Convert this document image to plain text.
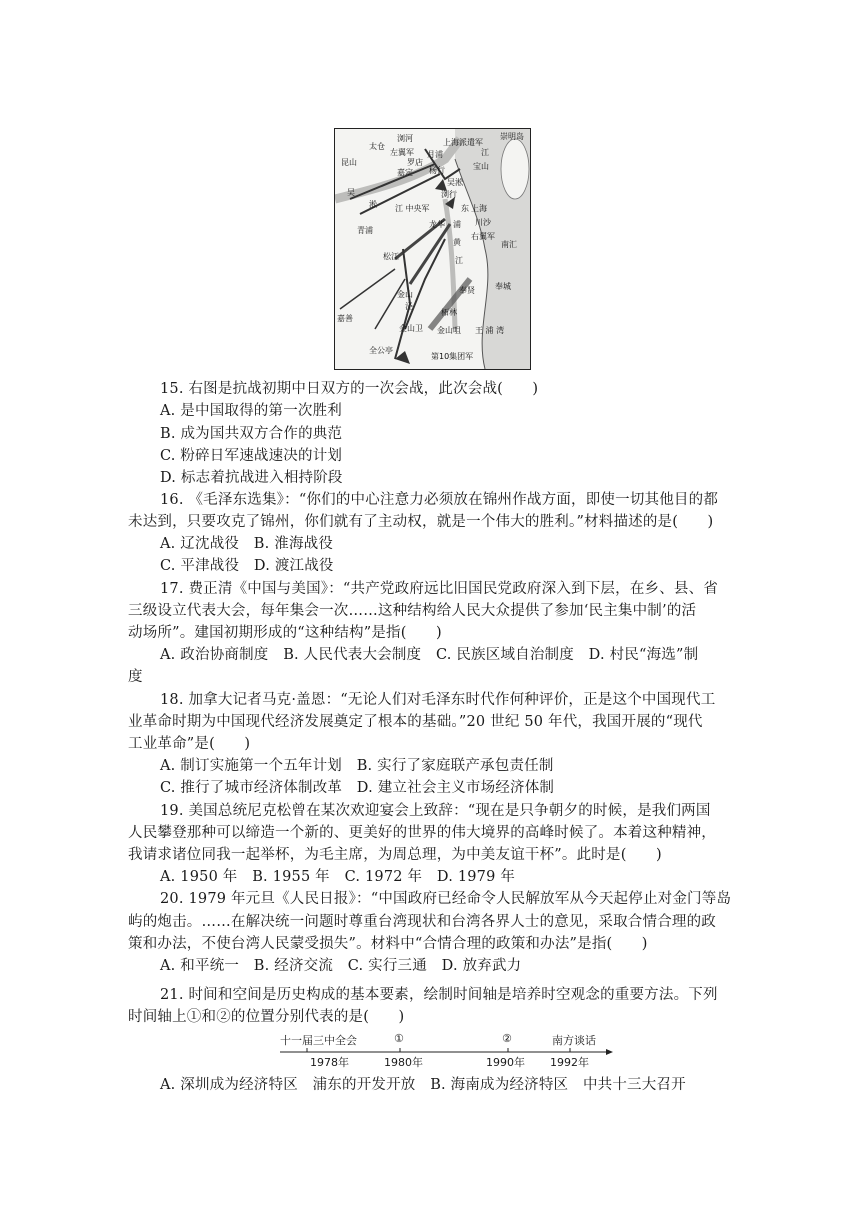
浏河	上海派遣军
崇明岛
太仓
左翼军
罗店
月浦
宝山
昆山
嘉定 杨行
吴淞
浏行
吴
淞
江
江 中央军	上海
青浦
龙华 浦 川沙
东
黄
右翼军
松江
南汇
江
金山
泾
奉贤	奉城
柘林
嘉善
金山卫 金山咀 王 浦 湾
全公亭
第10集团军
15. 右图是抗战初期中日双方的一次会战，此次会战(　　)
A. 是中国取得的第一次胜利
B. 成为国共双方合作的典范
C. 粉碎日军速战速决的计划
D. 标志着抗战进入相持阶段
16. 《毛泽东选集》：“你们的中心注意力必须放在锦州作战方面，即使一切其他目的都
未达到，只要攻克了锦州，你们就有了主动权，就是一个伟大的胜利。”材料描述的是(　　)
A. 辽沈战役　B. 淮海战役
C. 平津战役　D. 渡江战役
17. 费正清《中国与美国》：“共产党政府远比旧国民党政府深入到下层，在乡、县、省
三级设立代表大会，每年集会一次……这种结构给人民大众提供了参加‘民主集中制’的活
动场所”。建国初期形成的“这种结构”是指(　　)
A. 政治协商制度　B. 人民代表大会制度　C. 民族区域自治制度　D. 村民“海选”制
度
18. 加拿大记者马克·盖恩：“无论人们对毛泽东时代作何种评价，正是这个中国现代工
业革命时期为中国现代经济发展奠定了根本的基础。”20 世纪 50 年代，我国开展的“现代
工业革命”是(　　)
A. 制订实施第一个五年计划　B. 实行了家庭联产承包责任制
C. 推行了城市经济体制改革　D. 建立社会主义市场经济体制
19. 美国总统尼克松曾在某次欢迎宴会上致辞：“现在是只争朝夕的时候，是我们两国
人民攀登那种可以缔造一个新的、更美好的世界的伟大境界的高峰时候了。本着这种精神，
我请求诸位同我一起举杯，为毛主席，为周总理，为中美友谊干杯”。此时是(　　)
A. 1950 年　B. 1955 年　C. 1972 年　D. 1979 年
20. 1979 年元旦《人民日报》：“中国政府已经命令人民解放军从今天起停止对金门等岛
屿的炮击。……在解决统一问题时尊重台湾现状和台湾各界人士的意见，采取合情合理的政
策和办法，不使台湾人民蒙受损失”。材料中“合情合理的政策和办法”是指(　　)
A. 和平统一　B. 经济交流　C. 实行三通　D. 放弃武力
21. 时间和空间是历史构成的基本要素，绘制时间轴是培养时空观念的重要方法。下列
时间轴上①和②的位置分别代表的是(　　)
十一届三中全会	①	②	南方谈话
1978年	1980年	1990年 1992年
A. 深圳成为经济特区　浦东的开发开放　B. 海南成为经济特区　中共十三大召开
